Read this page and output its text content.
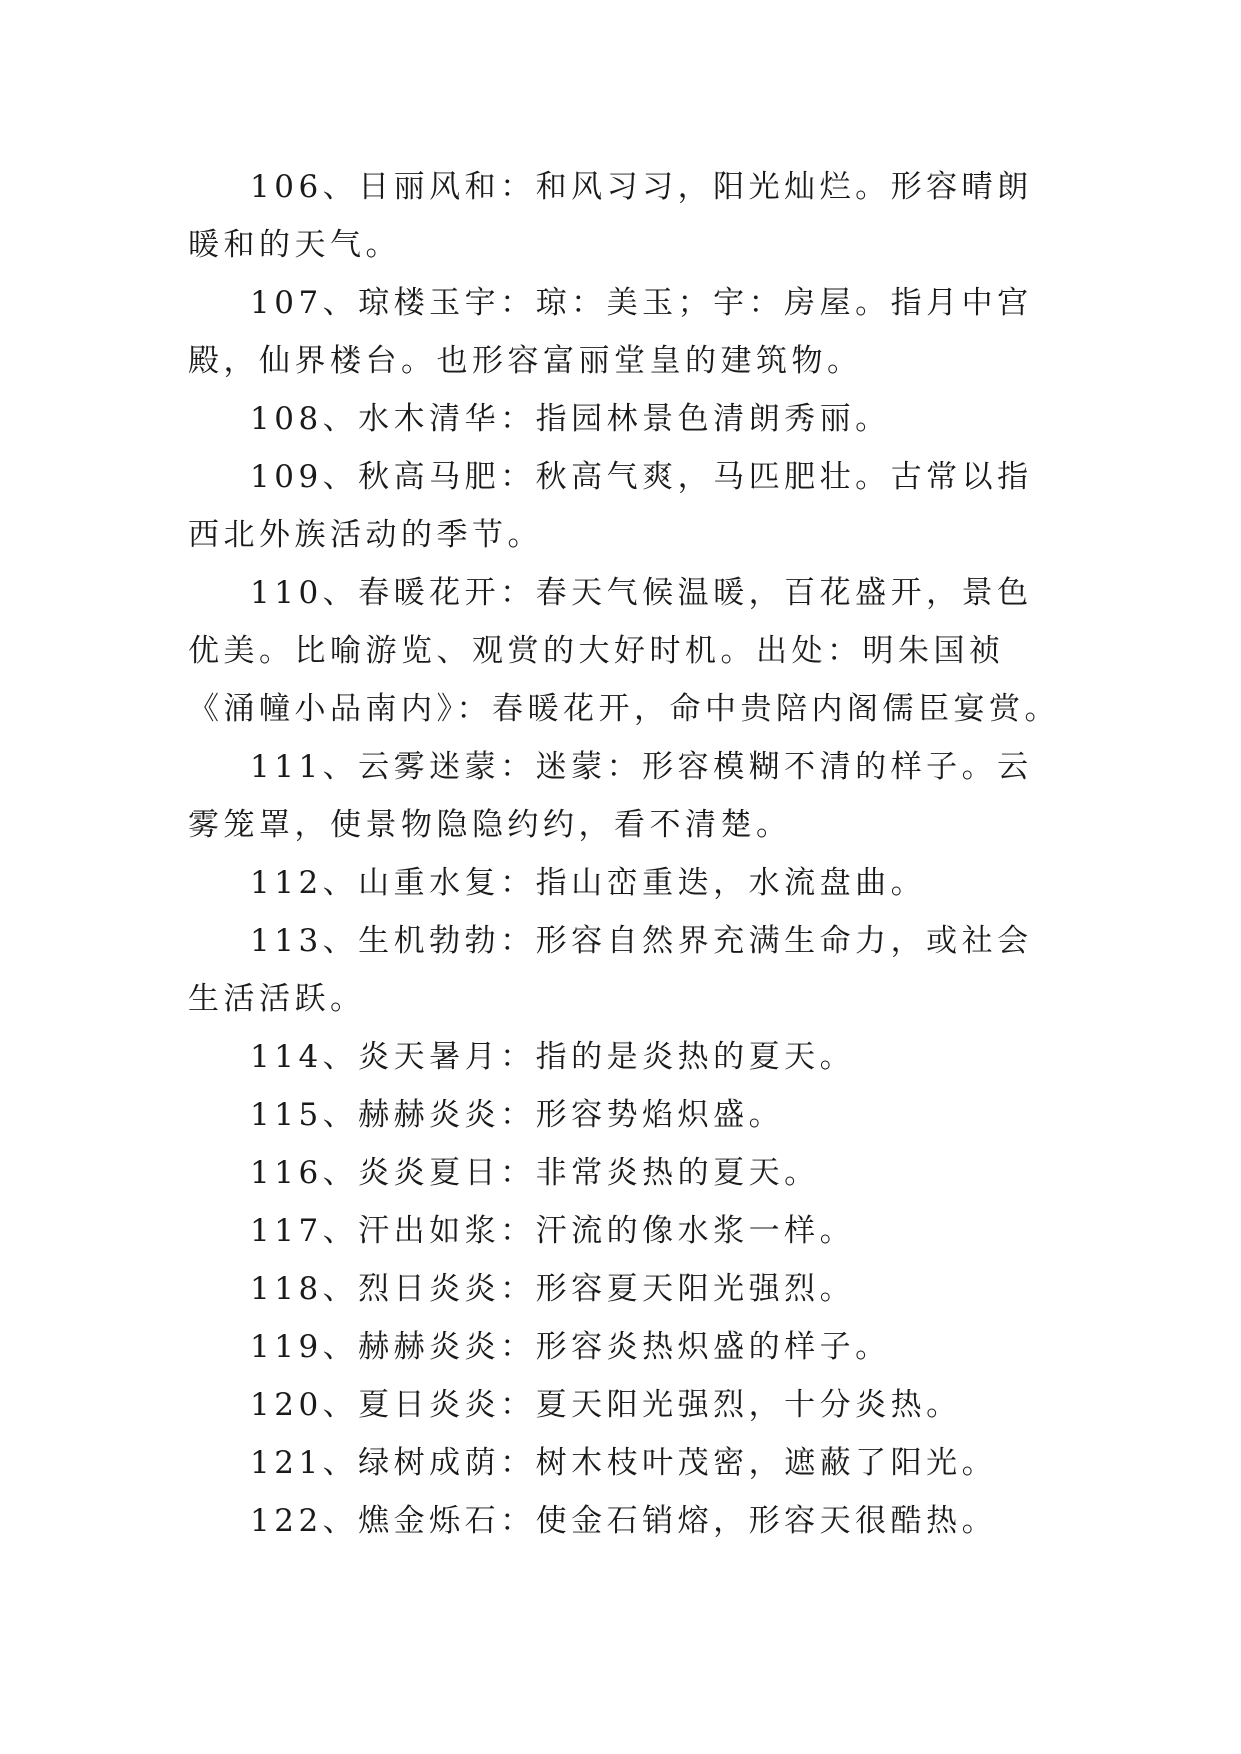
106、日丽风和：和风习习，阳光灿烂。形容晴朗暖和的天气。

107、琼楼玉宇：琼：美玉；宇：房屋。指月中宫殿，仙界楼台。也形容富丽堂皇的建筑物。

108、水木清华：指园林景色清朗秀丽。

109、秋高马肥：秋高气爽，马匹肥壮。古常以指西北外族活动的季节。

110、春暖花开：春天气候温暖，百花盛开，景色优美。比喻游览、观赏的大好时机。出处：明朱国祯《涌幢小品南内》：春暖花开，命中贵陪内阁儒臣宴赏。

111、云雾迷蒙：迷蒙：形容模糊不清的样子。云雾笼罩，使景物隐隐约约，看不清楚。

112、山重水复：指山峦重迭，水流盘曲。

113、生机勃勃：形容自然界充满生命力，或社会生活活跃。

114、炎天暑月：指的是炎热的夏天。

115、赫赫炎炎：形容势焰炽盛。

116、炎炎夏日：非常炎热的夏天。

117、汗出如浆：汗流的像水浆一样。

118、烈日炎炎：形容夏天阳光强烈。

119、赫赫炎炎：形容炎热炽盛的样子。

120、夏日炎炎：夏天阳光强烈，十分炎热。

121、绿树成荫：树木枝叶茂密，遮蔽了阳光。

122、燋金烁石：使金石销熔，形容天很酷热。
